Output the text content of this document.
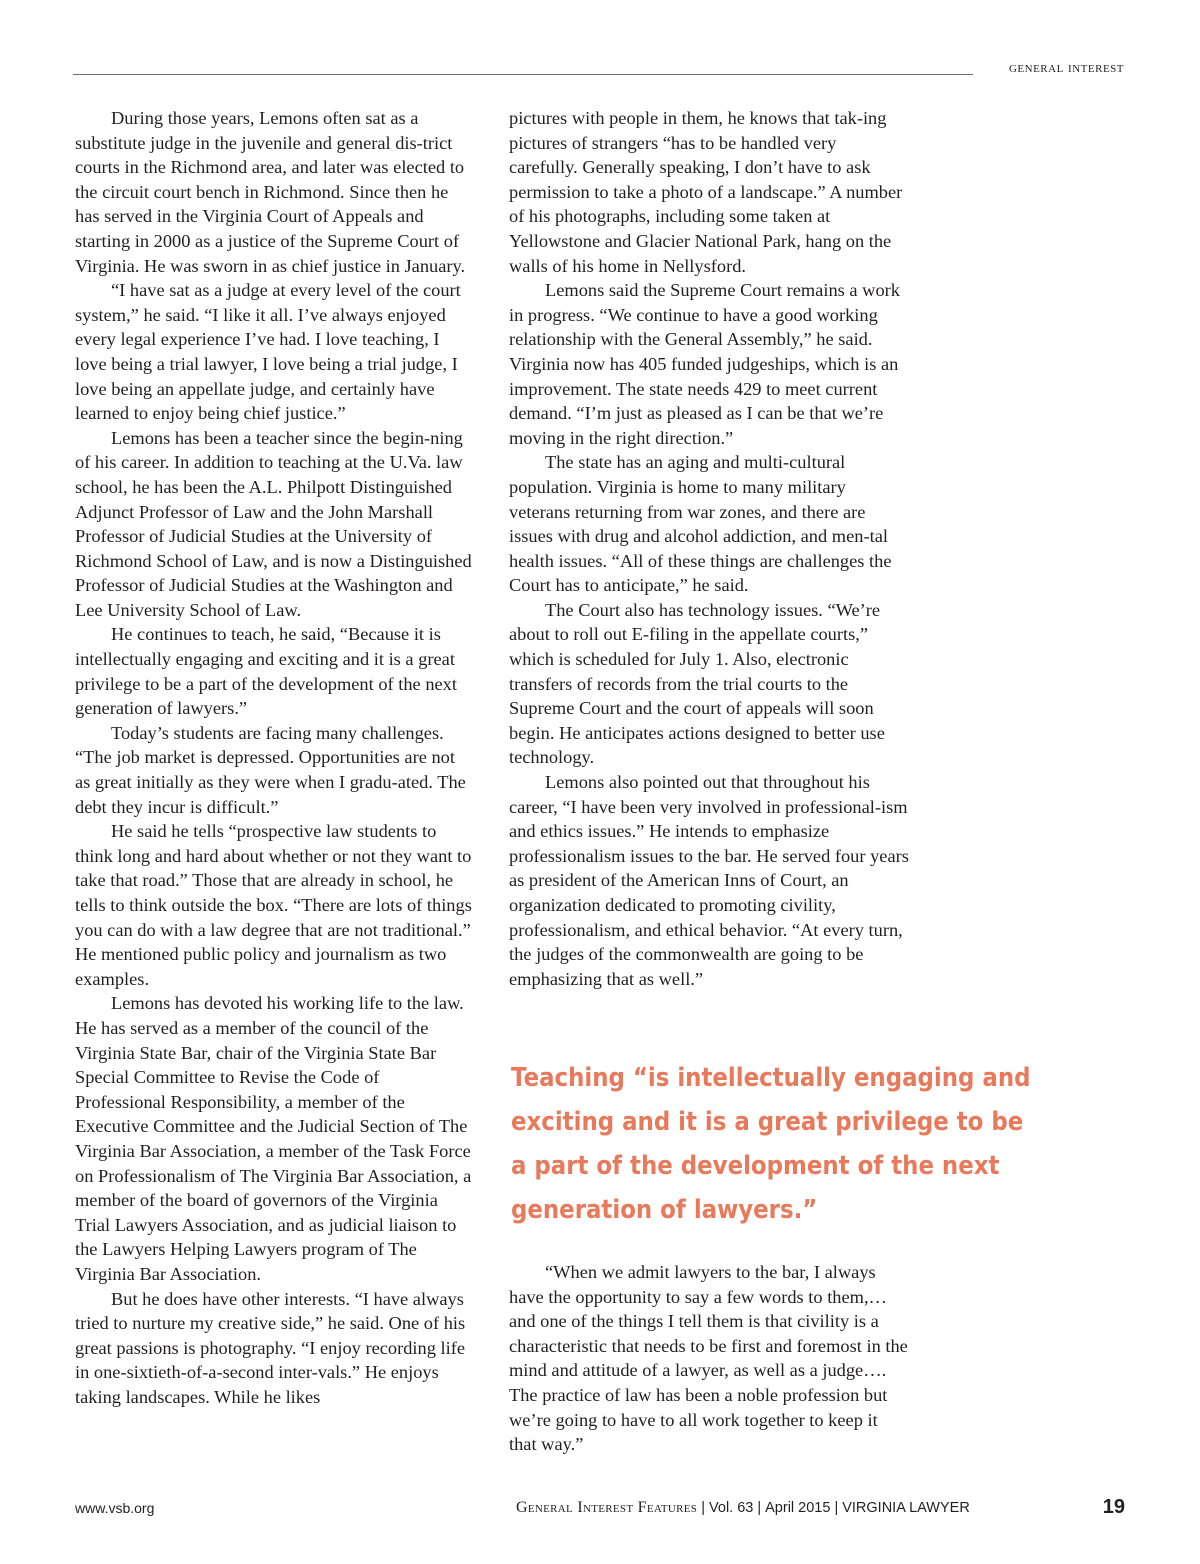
general interest

During those years, Lemons often sat as a substitute judge in the juvenile and general dis-trict courts in the Richmond area, and later was elected to the circuit court bench in Richmond. Since then he has served in the Virginia Court of Appeals and starting in 2000 as a justice of the Supreme Court of Virginia. He was sworn in as chief justice in January.

“I have sat as a judge at every level of the court system,” he said. “I like it all. I’ve always enjoyed every legal experience I’ve had. I love teaching, I love being a trial lawyer, I love being a trial judge, I love being an appellate judge, and certainly have learned to enjoy being chief justice.”

Lemons has been a teacher since the begin-ning of his career. In addition to teaching at the U.Va. law school, he has been the A.L. Philpott Distinguished Adjunct Professor of Law and the John Marshall Professor of Judicial Studies at the University of Richmond School of Law, and is now a Distinguished Professor of Judicial Studies at the Washington and Lee University School of Law.

He continues to teach, he said, “Because it is intellectually engaging and exciting and it is a great privilege to be a part of the development of the next generation of lawyers.”

Today’s students are facing many challenges. “The job market is depressed. Opportunities are not as great initially as they were when I gradu-ated. The debt they incur is difficult.”

He said he tells “prospective law students to think long and hard about whether or not they want to take that road.” Those that are already in school, he tells to think outside the box. “There are lots of things you can do with a law degree that are not traditional.” He mentioned public policy and journalism as two examples.

Lemons has devoted his working life to the law. He has served as a member of the council of the Virginia State Bar, chair of the Virginia State Bar Special Committee to Revise the Code of Professional Responsibility, a member of the Executive Committee and the Judicial Section of The Virginia Bar Association, a member of the Task Force on Professionalism of The Virginia Bar Association, a member of the board of governors of the Virginia Trial Lawyers Association, and as judicial liaison to the Lawyers Helping Lawyers program of The Virginia Bar Association.

But he does have other interests. “I have always tried to nurture my creative side,” he said. One of his great passions is photography. “I enjoy recording life in one-sixtieth-of-a-second inter-vals.” He enjoys taking landscapes. While he likes

pictures with people in them, he knows that tak-ing pictures of strangers “has to be handled very carefully. Generally speaking, I don’t have to ask permission to take a photo of a landscape.” A number of his photographs, including some taken at Yellowstone and Glacier National Park, hang on the walls of his home in Nellysford.

Lemons said the Supreme Court remains a work in progress. “We continue to have a good working relationship with the General Assembly,” he said. Virginia now has 405 funded judgeships, which is an improvement. The state needs 429 to meet current demand. “I’m just as pleased as I can be that we’re moving in the right direction.”

The state has an aging and multi-cultural population. Virginia is home to many military veterans returning from war zones, and there are issues with drug and alcohol addiction, and men-tal health issues. “All of these things are challenges the Court has to anticipate,” he said.

The Court also has technology issues. “We’re about to roll out E-filing in the appellate courts,” which is scheduled for July 1. Also, electronic transfers of records from the trial courts to the Supreme Court and the court of appeals will soon begin. He anticipates actions designed to better use technology.

Lemons also pointed out that throughout his career, “I have been very involved in professional-ism and ethics issues.” He intends to emphasize professionalism issues to the bar. He served four years as president of the American Inns of Court, an organization dedicated to promoting civility, professionalism, and ethical behavior. “At every turn, the judges of the commonwealth are going to be emphasizing that as well.”

Teaching “is intellectually engaging and exciting and it is a great privilege to be a part of the development of the next generation of lawyers.”

“When we admit lawyers to the bar, I always have the opportunity to say a few words to them,… and one of the things I tell them is that civility is a characteristic that needs to be first and foremost in the mind and attitude of a lawyer, as well as a judge…. The practice of law has been a noble profession but we’re going to have to all work together to keep it that way.”

www.vsb.org	General Interest Features | Vol. 63 | April 2015 | VIRGINIA LAWYER	19
